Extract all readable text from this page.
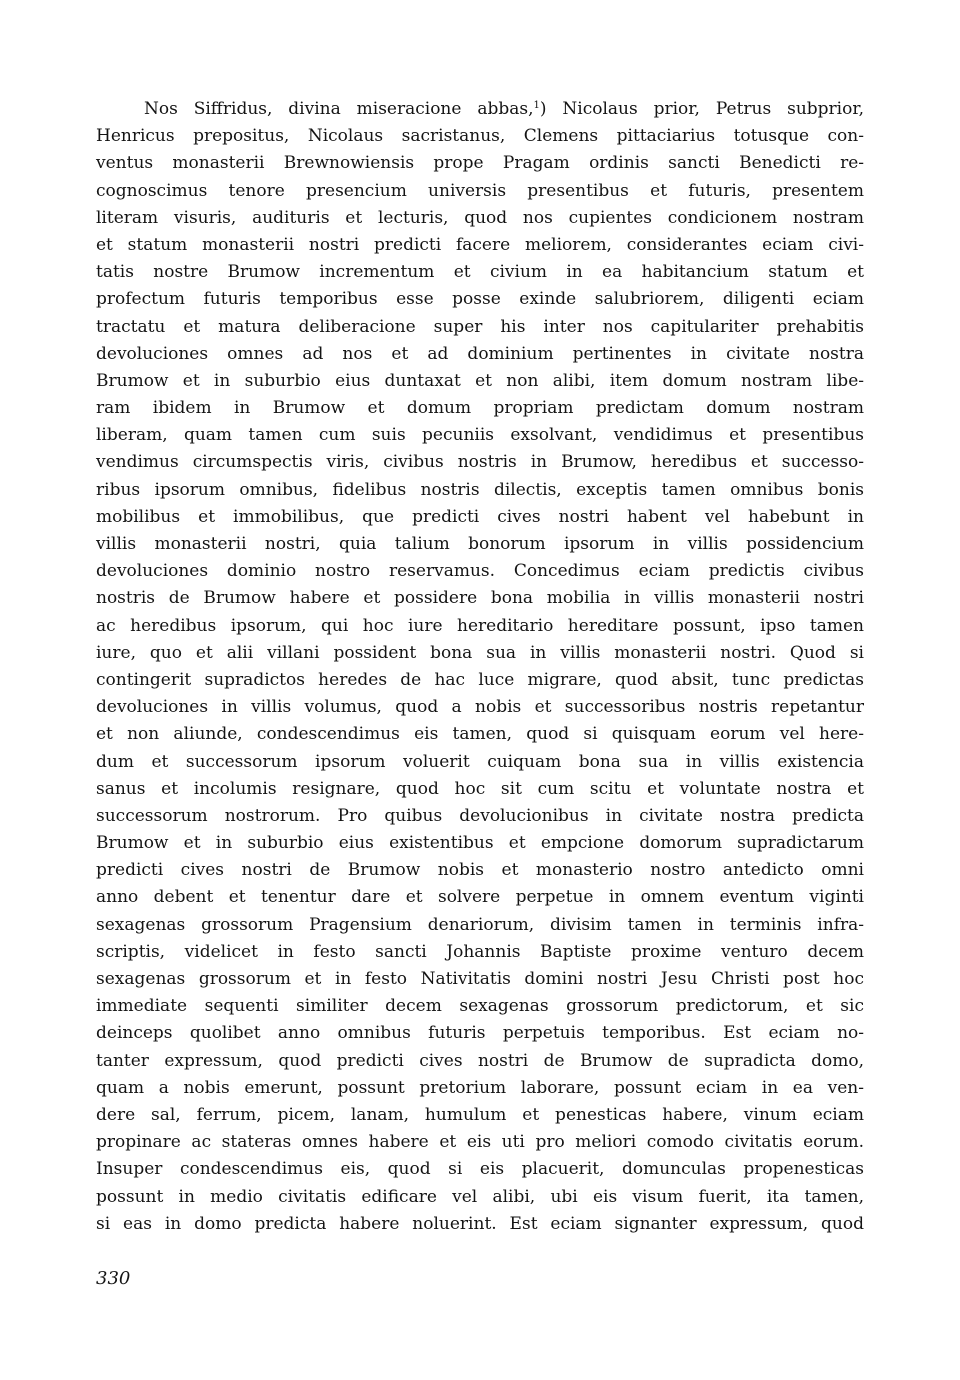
Nos Siffridus, divina miseracione abbas,$^1$) Nicolaus prior, Petrus subprior,
Henricus prepositus, Nicolaus sacristanus, Clemens pittaciarius totusque con-
ventus monasterii Brewnowiensis prope Pragam ordinis sancti Benedicti re-
cognoscimus tenore presencium universis presentibus et futuris, presentem
literam visuris, audituris et lecturis, quod nos cupientes condicionem nostram
et statum monasterii nostri predicti facere meliorem, considerantes eciam civi-
tatis nostre Brumow incrementum et civium in ea habitancium statum et
profectum futuris temporibus esse posse exinde salubriorem, diligenti eciam
tractatu et matura deliberacione super his inter nos capitulariter prehabitis
devoluciones omnes ad nos et ad dominium pertinentes in civitate nostra
Brumow et in suburbio eius duntaxat et non alibi, item domum nostram libe-
ram ibidem in Brumow et domum propriam predictam domum nostram
liberam, quam tamen cum suis pecuniis exsolvant, vendidimus et presentibus
vendimus circumspectis viris, civibus nostris in Brumow, heredibus et successo-
ribus ipsorum omnibus, fidelibus nostris dilectis, exceptis tamen omnibus bonis
mobilibus et immobilibus, que predicti cives nostri habent vel habebunt in
villis monasterii nostri, quia talium bonorum ipsorum in villis possidencium
devoluciones dominio nostro reservamus. Concedimus eciam predictis civibus
nostris de Brumow habere et possidere bona mobilia in villis monasterii nostri
ac heredibus ipsorum, qui hoc iure hereditario hereditare possunt, ipso tamen
iure, quo et alii villani possident bona sua in villis monasterii nostri. Quod si
contingerit supradictos heredes de hac luce migrare, quod absit, tunc predictas
devoluciones in villis volumus, quod a nobis et successoribus nostris repetantur
et non aliunde, condescendimus eis tamen, quod si quisquam eorum vel here-
dum et successorum ipsorum voluerit cuiquam bona sua in villis existencia
sanus et incolumis resignare, quod hoc sit cum scitu et voluntate nostra et
successorum nostrorum. Pro quibus devolucionibus in civitate nostra predicta
Brumow et in suburbio eius existentibus et empcione domorum supradictarum
predicti cives nostri de Brumow nobis et monasterio nostro antedicto omni
anno debent et tenentur dare et solvere perpetue in omnem eventum viginti
sexagenas grossorum Pragensium denariorum, divisim tamen in terminis infra-
scriptis, videlicet in festo sancti Johannis Baptiste proxime venturo decem
sexagenas grossorum et in festo Nativitatis domini nostri Jesu Christi post hoc
immediate sequenti similiter decem sexagenas grossorum predictorum, et sic
deinceps quolibet anno omnibus futuris perpetuis temporibus. Est eciam no-
tanter expressum, quod predicti cives nostri de Brumow de supradicta domo,
quam a nobis emerunt, possunt pretorium laborare, possunt eciam in ea ven-
dere sal, ferrum, picem, lanam, humulum et penesticas habere, vinum eciam
propinare ac stateras omnes habere et eis uti pro meliori comodo civitatis eorum.
Insuper condescendimus eis, quod si eis placuerit, domunculas propenesticas
possunt in medio civitatis edificare vel alibi, ubi eis visum fuerit, ita tamen,
si eas in domo predicta habere noluerint. Est eciam signanter expressum, quod
330
